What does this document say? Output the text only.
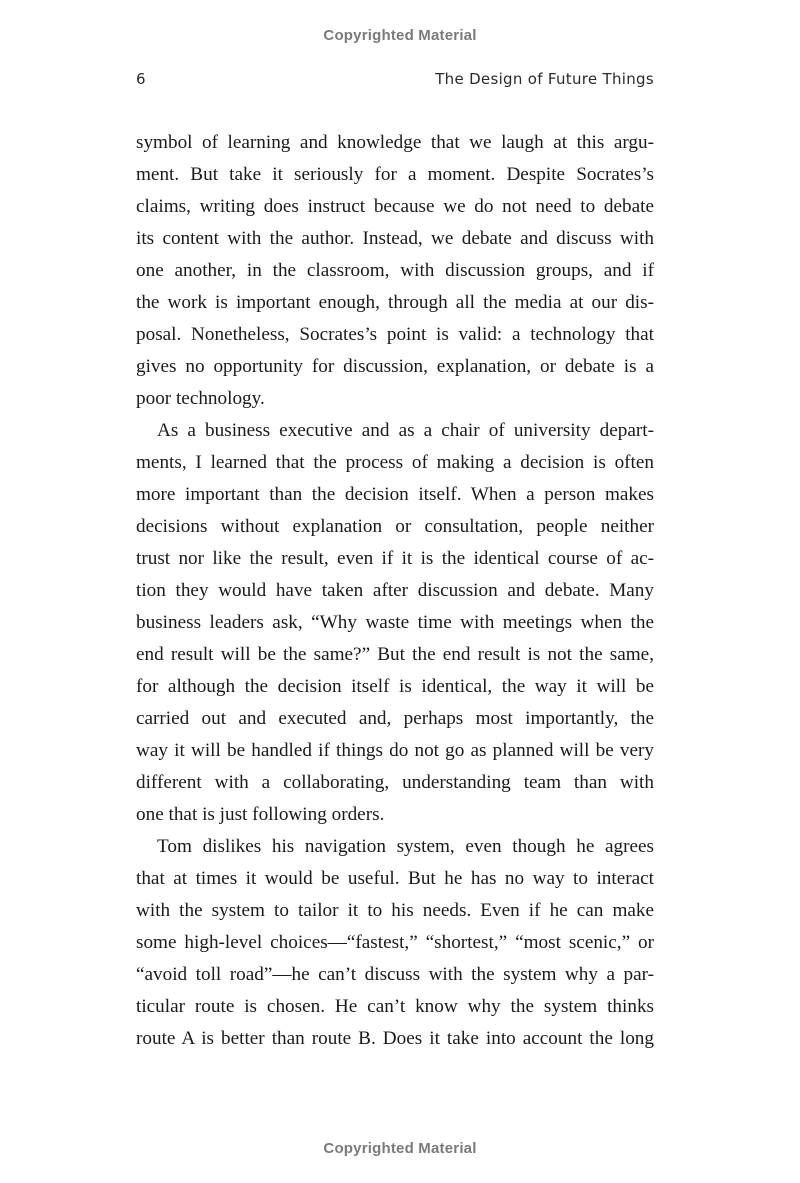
Copyrighted Material
6	The Design of Future Things

symbol of learning and knowledge that we laugh at this argu-
ment. But take it seriously for a moment. Despite Socrates’s
claims, writing does instruct because we do not need to debate
its content with the author. Instead, we debate and discuss with
one another, in the classroom, with discussion groups, and if
the work is important enough, through all the media at our dis-
posal. Nonetheless, Socrates’s point is valid: a technology that
gives no opportunity for discussion, explanation, or debate is a
poor technology.

As a business executive and as a chair of university depart-
ments, I learned that the process of making a decision is often
more important than the decision itself. When a person makes
decisions without explanation or consultation, people neither
trust nor like the result, even if it is the identical course of ac-
tion they would have taken after discussion and debate. Many
business leaders ask, “Why waste time with meetings when the
end result will be the same?” But the end result is not the same,
for although the decision itself is identical, the way it will be
carried out and executed and, perhaps most importantly, the
way it will be handled if things do not go as planned will be very
different with a collaborating, understanding team than with
one that is just following orders.

Tom dislikes his navigation system, even though he agrees
that at times it would be useful. But he has no way to interact
with the system to tailor it to his needs. Even if he can make
some high-level choices—“fastest,” “shortest,” “most scenic,” or
“avoid toll road”—he can’t discuss with the system why a par-
ticular route is chosen. He can’t know why the system thinks
route A is better than route B. Does it take into account the long

Copyrighted Material
